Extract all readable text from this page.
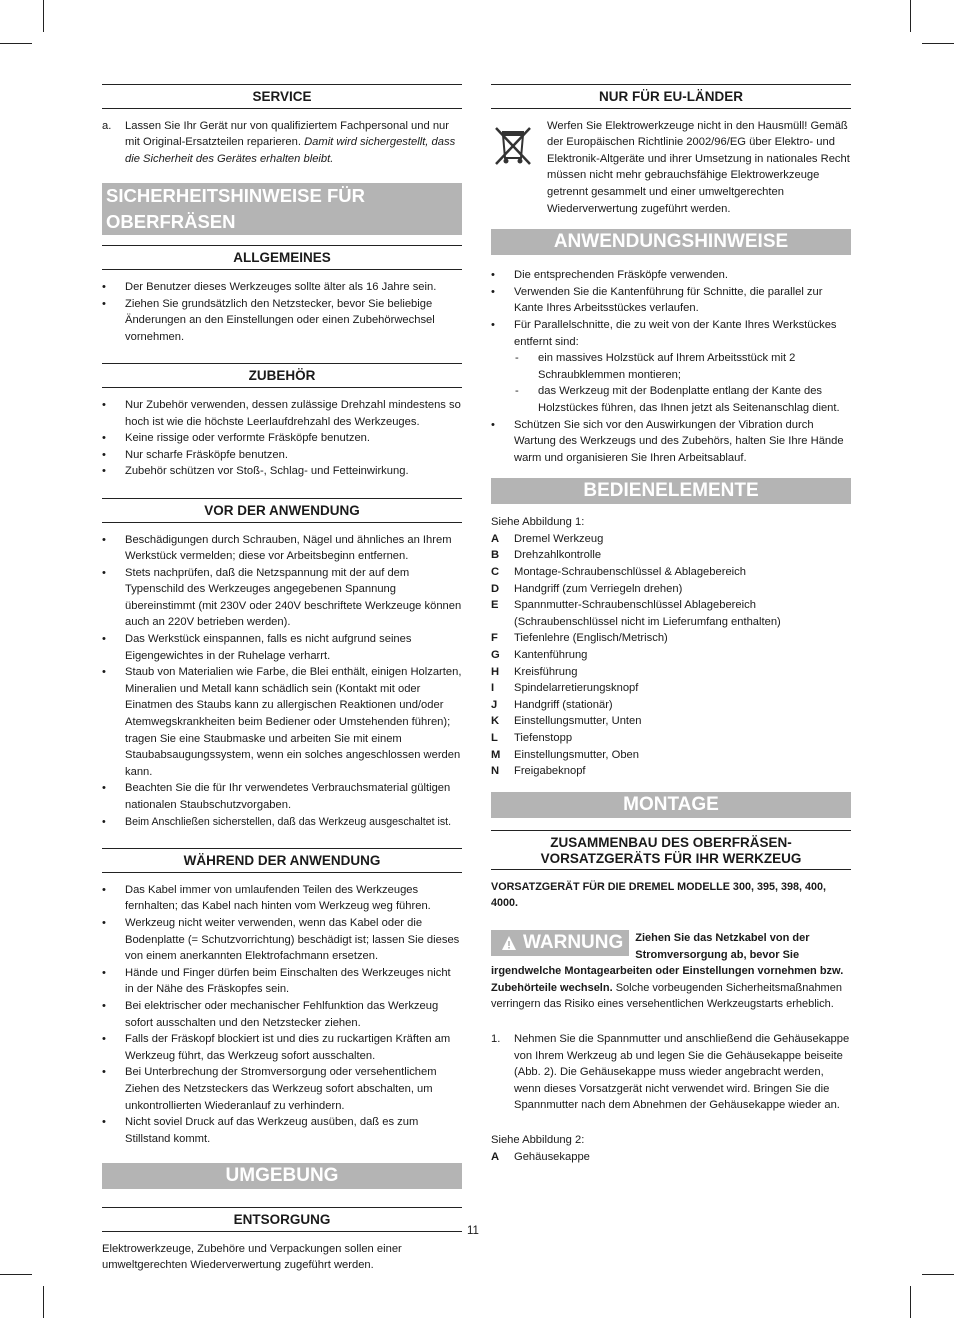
SERVICE
a. Lassen Sie Ihr Gerät nur von qualifiziertem Fachpersonal und nur mit Original-Ersatzteilen reparieren. Damit wird sichergestellt, dass die Sicherheit des Gerätes erhalten bleibt.
SICHERHEITSHINWEISE FÜR OBERFRÄSEN
ALLGEMEINES
• Der Benutzer dieses Werkzeuges sollte älter als 16 Jahre sein.
• Ziehen Sie grundsätzlich den Netzstecker, bevor Sie beliebige Änderungen an den Einstellungen oder einen Zubehörwechsel vornehmen.
ZUBEHÖR
• Nur Zubehör verwenden, dessen zulässige Drehzahl mindestens so hoch ist wie die höchste Leerlaufdrehzahl des Werkzeuges.
• Keine rissige oder verformte Fräsköpfe benutzen.
• Nur scharfe Fräsköpfe benutzen.
• Zubehör schützen vor Stoß-, Schlag- und Fetteinwirkung.
VOR DER ANWENDUNG
• Beschädigungen durch Schrauben, Nägel und ähnliches an Ihrem Werkstück vermelden; diese vor Arbeitsbeginn entfernen.
• Stets nachprüfen, daß die Netzspannung mit der auf dem Typenschild des Werkzeuges angegebenen Spannung übereinstimmt (mit 230V oder 240V beschriftete Werkzeuge können auch an 220V betrieben werden).
• Das Werkstück einspannen, falls es nicht aufgrund seines Eigengewichtes in der Ruhelage verharrt.
• Staub von Materialien wie Farbe, die Blei enthält, einigen Holzarten, Mineralien und Metall kann schädlich sein (Kontakt mit oder Einatmen des Staubs kann zu allergischen Reaktionen und/oder Atemwegskrankheiten beim Bediener oder Umstehenden führen); tragen Sie eine Staubmaske und arbeiten Sie mit einem Staubabsaugungssystem, wenn ein solches angeschlossen werden kann.
• Beachten Sie die für Ihr verwendetes Verbrauchsmaterial gültigen nationalen Staubschutzvorgaben.
• Beim Anschließen sicherstellen, daß das Werkzeug ausgeschaltet ist.
WÄHREND DER ANWENDUNG
• Das Kabel immer von umlaufenden Teilen des Werkzeuges fernhalten; das Kabel nach hinten vom Werkzeug weg führen.
• Werkzeug nicht weiter verwenden, wenn das Kabel oder die Bodenplatte (= Schutzvorrichtung) beschädigt ist; lassen Sie dieses von einem anerkannten Elektrofachmann ersetzen.
• Hände und Finger dürfen beim Einschalten des Werkzeuges nicht in der Nähe des Fräskopfes sein.
• Bei elektrischer oder mechanischer Fehlfunktion das Werkzeug sofort ausschalten und den Netzstecker ziehen.
• Falls der Fräskopf blockiert ist und dies zu ruckartigen Kräften am Werkzeug führt, das Werkzeug sofort ausschalten.
• Bei Unterbrechung der Stromversorgung oder versehentlichem Ziehen des Netzsteckers das Werkzeug sofort abschalten, um unkontrollierten Wiederanlauf zu verhindern.
• Nicht soviel Druck auf das Werkzeug ausüben, daß es zum Stillstand kommt.
UMGEBUNG
ENTSORGUNG
Elektrowerkzeuge, Zubehöre und Verpackungen sollen einer umweltgerechten Wiederverwertung zugeführt werden.
NUR FÜR EU-LÄNDER
Werfen Sie Elektrowerkzeuge nicht in den Hausmüll! Gemäß der Europäischen Richtlinie 2002/96/EG über Elektro- und Elektronik-Altgeräte und ihrer Umsetzung in nationales Recht müssen nicht mehr gebrauchsfähige Elektrowerkzeuge getrennt gesammelt und einer umweltgerechten Wiederverwertung zugeführt werden.
ANWENDUNGSHINWEISE
• Die entsprechenden Fräsköpfe verwenden.
• Verwenden Sie die Kantenführung für Schnitte, die parallel zur Kante Ihres Arbeitsstückes verlaufen.
• Für Parallelschnitte, die zu weit von der Kante Ihres Werkstückes entfernt sind:
- ein massives Holzstück auf Ihrem Arbeitsstück mit 2 Schraubklemmen montieren;
- das Werkzeug mit der Bodenplatte entlang der Kante des Holzstückes führen, das Ihnen jetzt als Seitenanschlag dient.
• Schützen Sie sich vor den Auswirkungen der Vibration durch Wartung des Werkzeugs und des Zubehörs, halten Sie Ihre Hände warm und organisieren Sie Ihren Arbeitsablauf.
BEDIENELEMENTE
Siehe Abbildung 1:
A Dremel Werkzeug
B Drehzahlkontrolle
C Montage-Schraubenschlüssel & Ablagebereich
D Handgriff (zum Verriegeln drehen)
E Spannmutter-Schraubenschlüssel Ablagebereich (Schraubenschlüssel nicht im Lieferumfang enthalten)
F Tiefenlehre (Englisch/Metrisch)
G Kantenführung
H Kreisführung
I Spindelarretierungsknopf
J Handgriff (stationär)
K Einstellungsmutter, Unten
L Tiefenstopp
M Einstellungsmutter, Oben
N Freigabeknopf
MONTAGE
ZUSAMMENBAU DES OBERFRÄSEN-VORSATZGERÄTS FÜR IHR WERKZEUG
VORSATZGERÄT FÜR DIE DREMEL MODELLE 300, 395, 398, 400, 4000.
WARNUNG Ziehen Sie das Netzkabel von der Stromversorgung ab, bevor Sie irgendwelche Montagearbeiten oder Einstellungen vornehmen bzw. Zubehörteile wechseln. Solche vorbeugenden Sicherheitsmaßnahmen verringern das Risiko eines versehentlichen Werkzeugstarts erheblich.
1. Nehmen Sie die Spannmutter und anschließend die Gehäusekappe von Ihrem Werkzeug ab und legen Sie die Gehäusekappe beiseite (Abb. 2). Die Gehäusekappe muss wieder angebracht werden, wenn dieses Vorsatzgerät nicht verwendet wird. Bringen Sie die Spannmutter nach dem Abnehmen der Gehäusekappe wieder an.
Siehe Abbildung 2:
A Gehäusekappe
11
